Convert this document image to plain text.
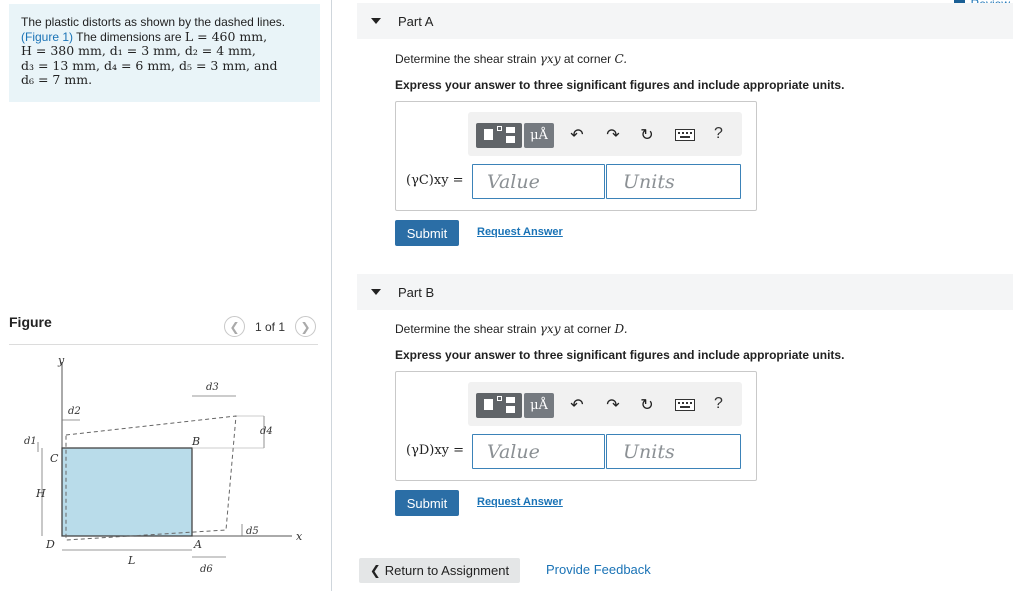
The plastic distorts as shown by the dashed lines.
(Figure 1) The dimensions are L = 460 mm,
H = 380 mm, d₁ = 3 mm, d₂ = 4 mm,
d₃ = 13 mm, d₄ = 6 mm, d₅ = 3 mm, and
d₆ = 7 mm.
Figure	❮	1 of 1	❯
y
x
d2
d3
d4
d5
d6
d1
C
B
A
D
H
L
Part A
Determine the shear strain γxy at corner C.
Express your answer to three significant figures and include appropriate units.
μÅ	↶ ↷ ↻	?
(γC)xy =
Value
Units
Submit	Request Answer
Part B
Determine the shear strain γxy at corner D.
Express your answer to three significant figures and include appropriate units.
μÅ	↶ ↷ ↻	?
(γD)xy =
Value
Units
Submit	Request Answer
❮ Return to Assignment	Provide Feedback
